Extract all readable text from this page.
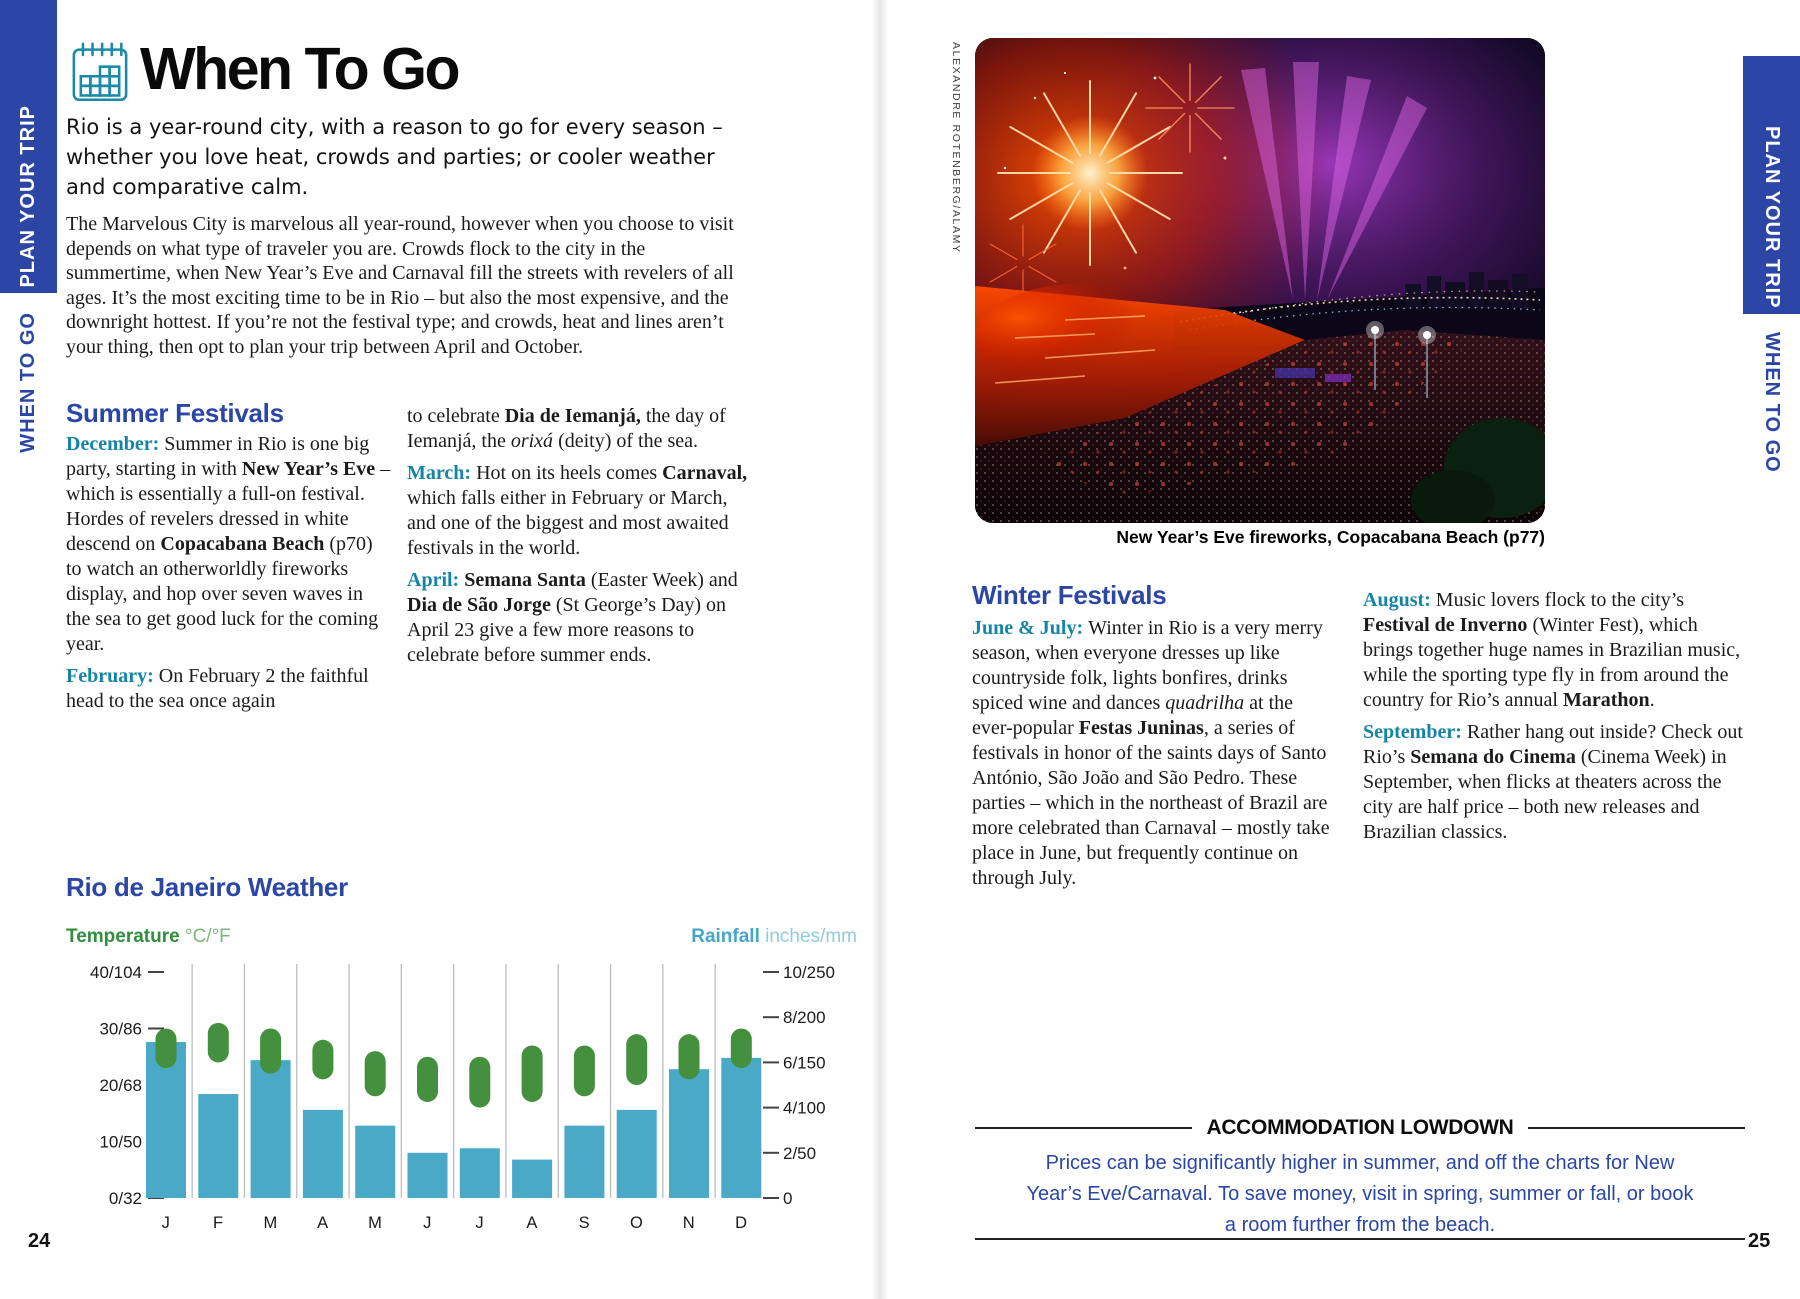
PLAN YOUR TRIP
WHEN TO GO
PLAN YOUR TRIP
WHEN TO GO
When To Go

Rio is a year-round city, with a reason to go for every season – whether you love heat, crowds and parties; or cooler weather and comparative calm.

The Marvelous City is marvelous all year-round, however when you choose to visit depends on what type of traveler you are. Crowds flock to the city in the summertime, when New Year’s Eve and Carnaval fill the streets with revelers of all ages. It’s the most exciting time to be in Rio – but also the most expensive, and the downright hottest. If you’re not the festival type; and crowds, heat and lines aren’t your thing, then opt to plan your trip between April and October.

Summer Festivals

December: Summer in Rio is one big party, starting in with New Year’s Eve – which is essentially a full-on festival. Hordes of revelers dressed in white descend on Copacabana Beach (p70) to watch an otherworldly fireworks display, and hop over seven waves in the sea to get good luck for the coming year.

February: On February 2 the faithful head to the sea once again

to celebrate Dia de Iemanjá, the day of Iemanjá, the orixá (deity) of the sea.

March: Hot on its heels comes Carnaval, which falls either in February or March, and one of the biggest and most awaited festivals in the world.

April: Semana Santa (Easter Week) and Dia de São Jorge (St George’s Day) on April 23 give a few more reasons to celebrate before summer ends.

Rio de Janeiro Weather
Temperature °C/°F	Rainfall inches/mm
40/104
30/86
20/68
10/50
0/32
10/250
8/200
6/150
4/100
2/50
0
J	F M A M J	J	A S O N D
24
ALEXANDRE ROTENBERG/ALAMY
New Year’s Eve fireworks, Copacabana Beach (p77)
Winter Festivals

June & July: Winter in Rio is a very merry season, when everyone dresses up like countryside folk, lights bonfires, drinks spiced wine and dances quadrilha at the ever-popular Festas Juninas, a series of festivals in honor of the saints days of Santo António, São João and São Pedro. These parties – which in the northeast of Brazil are more celebrated than Carnaval – mostly take place in June, but frequently continue on through July.

August: Music lovers flock to the city’s Festival de Inverno (Winter Fest), which brings together huge names in Brazilian music, while the sporting type fly in from around the country for Rio’s annual Marathon.

September: Rather hang out inside? Check out Rio’s Semana do Cinema (Cinema Week) in September, when flicks at theaters across the city are half price – both new releases and Brazilian classics.

ACCOMMODATION LOWDOWN
Prices can be significantly higher in summer, and off the charts for New Year’s Eve/Carnaval. To save money, visit in spring, summer or fall, or book a room further from the beach.
25
